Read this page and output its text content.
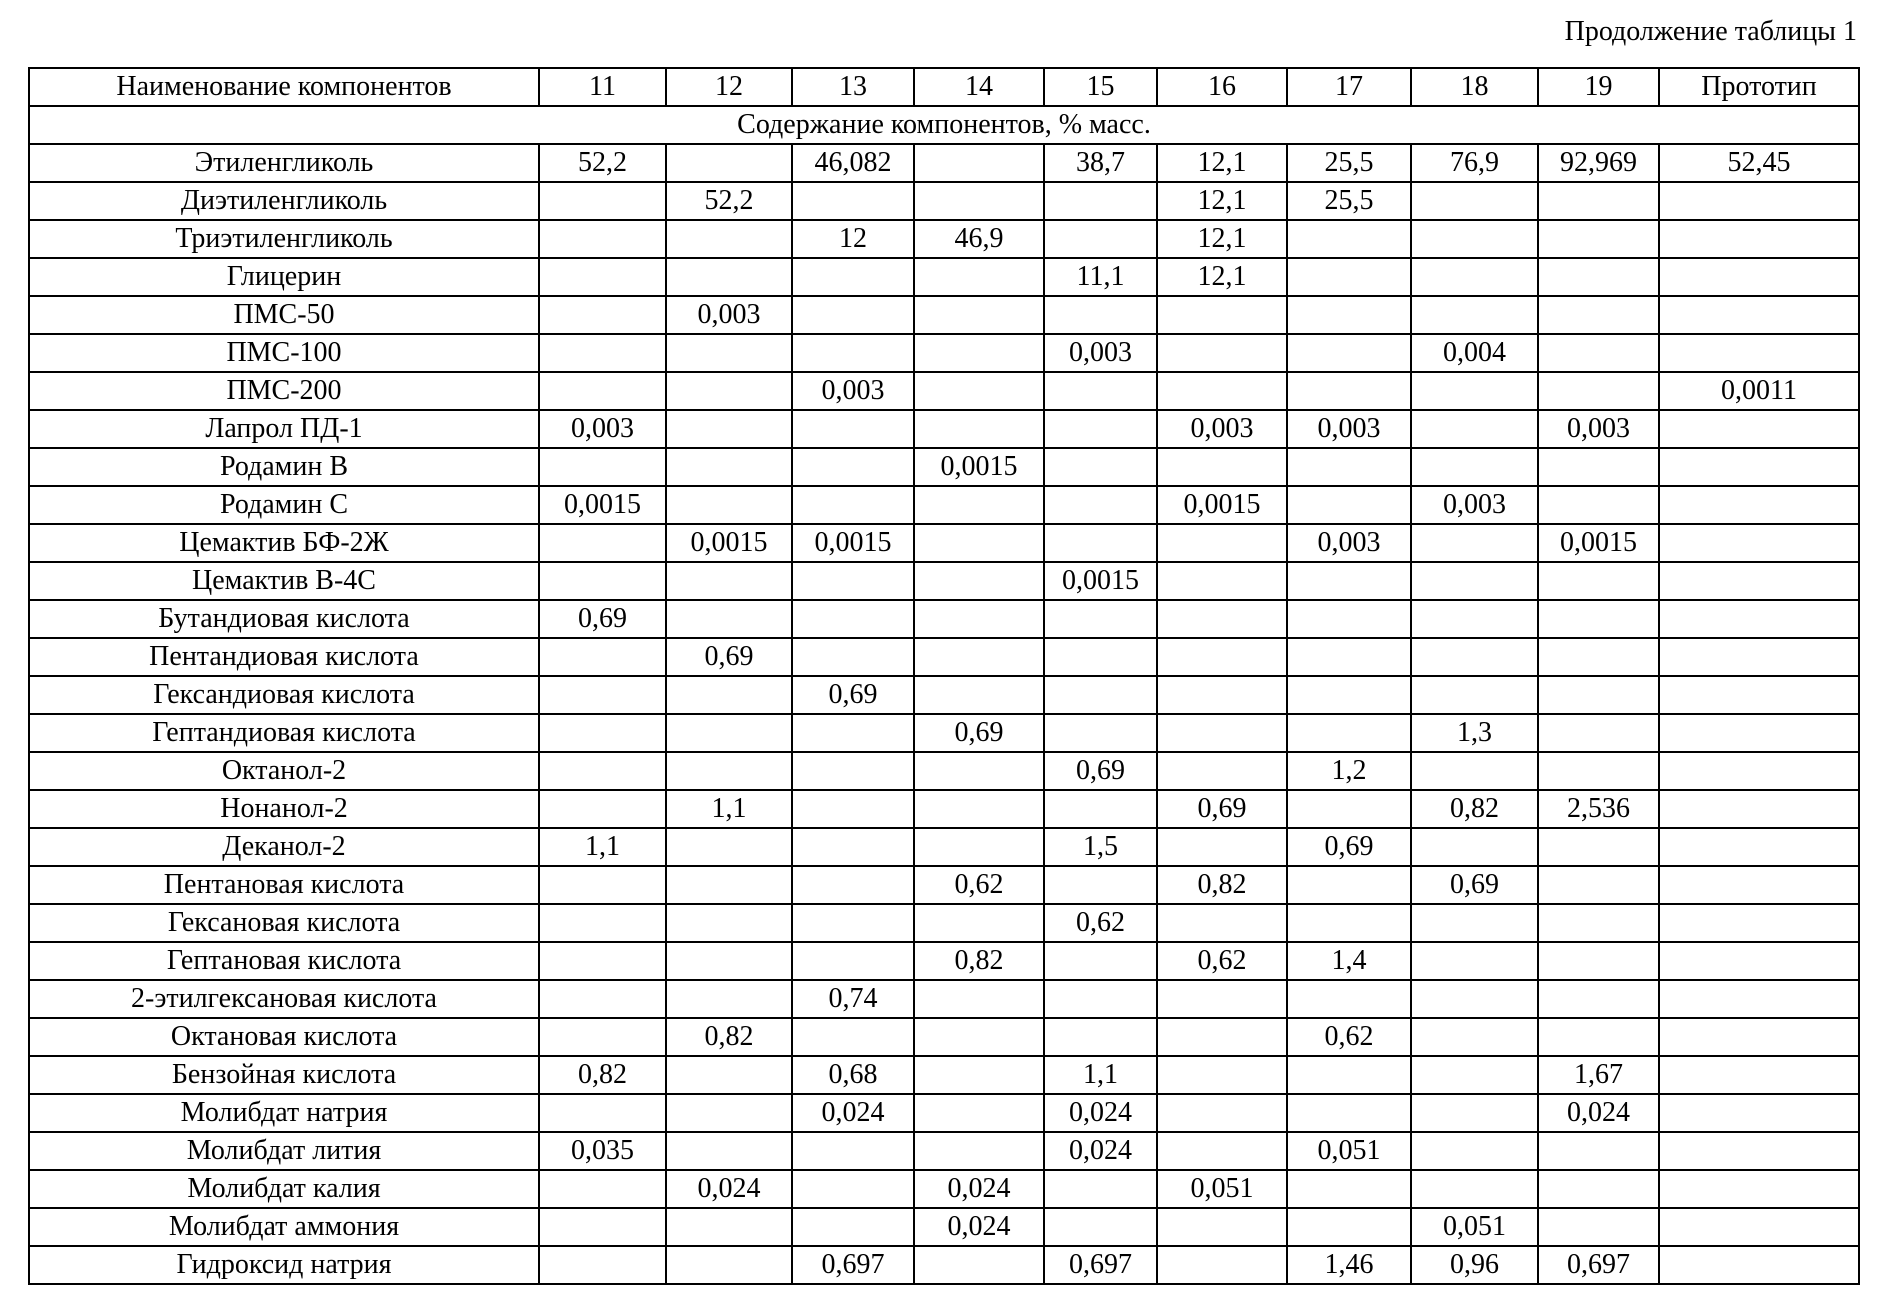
Продолжение таблицы 1
Наименование компонентов	11	12	13	14	15	16	17	18	19	Прототип
Содержание компонентов, % масс.										
Этиленгликоль	52,2		46,082		38,7	12,1	25,5	76,9	92,969	52,45
Диэтиленгликоль		52,2				12,1	25,5			
Триэтиленгликоль			12	46,9		12,1				
Глицерин					11,1	12,1				
ПМС-50		0,003								
ПМС-100					0,003			0,004		
ПМС-200			0,003							0,0011
Лапрол ПД-1	0,003					0,003	0,003		0,003	
Родамин В				0,0015						
Родамин С	0,0015					0,0015		0,003		
Цемактив БФ-2Ж		0,0015	0,0015				0,003		0,0015	
Цемактив В-4С					0,0015					
Бутандиовая кислота	0,69									
Пентандиовая кислота		0,69								
Гександиовая кислота			0,69							
Гептандиовая кислота				0,69				1,3		
Октанол-2					0,69		1,2			
Нонанол-2		1,1				0,69		0,82	2,536	
Деканол-2	1,1				1,5		0,69			
Пентановая кислота				0,62		0,82		0,69		
Гексановая кислота					0,62					
Гептановая кислота				0,82		0,62	1,4			
2-этилгексановая кислота			0,74							
Октановая кислота		0,82					0,62			
Бензойная кислота	0,82		0,68		1,1				1,67	
Молибдат натрия			0,024		0,024				0,024	
Молибдат лития	0,035				0,024		0,051			
Молибдат калия		0,024		0,024		0,051				
Молибдат аммония				0,024				0,051		
Гидроксид натрия			0,697		0,697		1,46	0,96	0,697	
